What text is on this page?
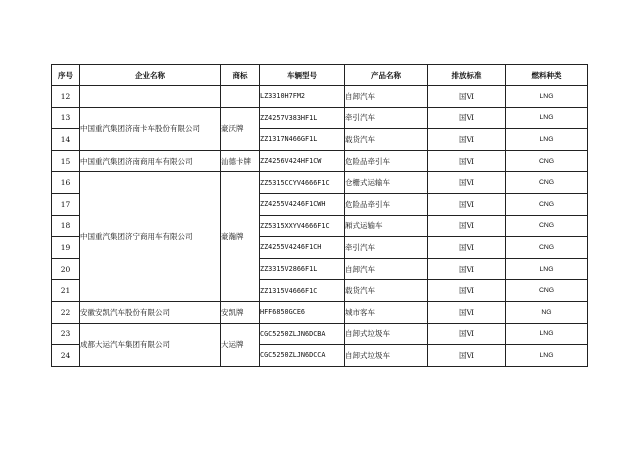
序号	企业名称	商标	车辆型号	产品名称	排放标准	燃料种类
12			LZ3310H7FM2	自卸汽车	国Ⅵ	LNG
13	中国重汽集团济南卡车股份有限公司	豪沃牌	ZZ4257V383HF1L	牵引汽车	国Ⅵ	LNG
14			ZZ1317N466GF1L	载货汽车	国Ⅵ	LNG
15	中国重汽集团济南商用车有限公司	汕德卡牌	ZZ4256V424HF1CW	危险品牵引车	国Ⅵ	CNG
16	中国重汽集团济宁商用车有限公司	豪瀚牌	ZZ5315CCYV4666F1C	仓栅式运输车	国Ⅵ	CNG
17			ZZ4255V4246F1CWH	危险品牵引车	国Ⅵ	CNG
18			ZZ5315XXYV4666F1C	厢式运输车	国Ⅵ	CNG
19			ZZ4255V4246F1CH	牵引汽车	国Ⅵ	CNG
20			ZZ3315V2866F1L	自卸汽车	国Ⅵ	LNG
21			ZZ1315V4666F1C	载货汽车	国Ⅵ	CNG
22	安徽安凯汽车股份有限公司	安凯牌	HFF6850GCE6	城市客车	国Ⅵ	NG
23	成都大运汽车集团有限公司	大运牌	CGC5250ZLJN6DCBA	自卸式垃圾车	国Ⅵ	LNG
24			CGC5250ZLJN6DCCA	自卸式垃圾车	国Ⅵ	LNG
